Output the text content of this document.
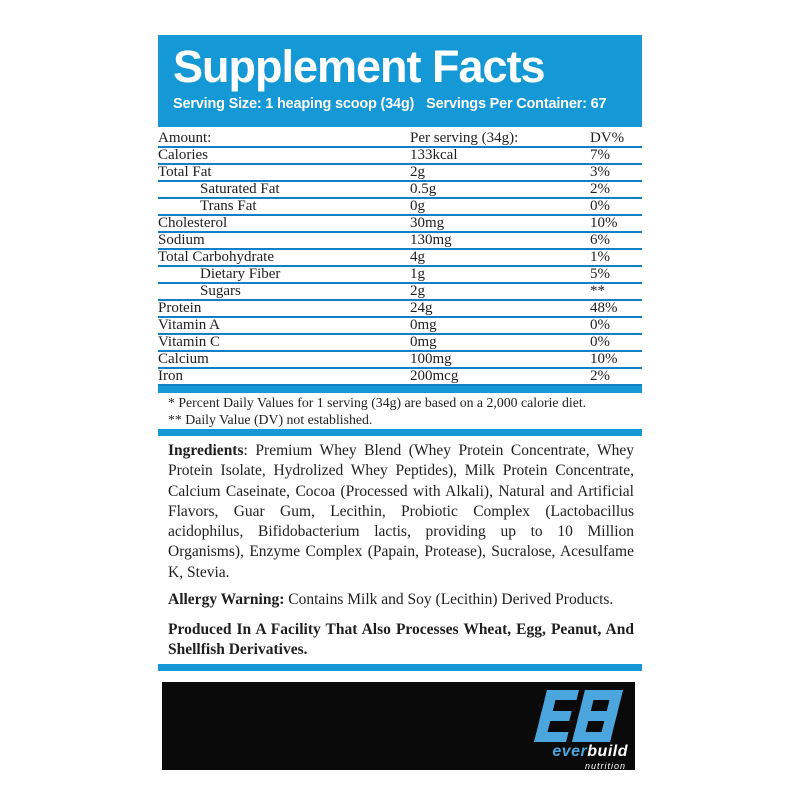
Supplement Facts
Serving Size: 1 heaping scoop (34g) Servings Per Container: 67
Amount:	Per serving (34g):	DV%
Calories	133kcal	7%
Total Fat	2g	3%
Saturated Fat	0.5g	2%
Trans Fat	0g	0%
Cholesterol	30mg	10%
Sodium	130mg	6%
Total Carbohydrate	4g	1%
Dietary Fiber	1g	5%
Sugars	2g	**
Protein	24g	48%
Vitamin A	0mg	0%
Vitamin C	0mg	0%
Calcium	100mg	10%
Iron	200mcg	2%
* Percent Daily Values for 1 serving (34g) are based on a 2,000 calorie diet.
** Daily Value (DV) not established.

Ingredients: Premium Whey Blend (Whey Protein Concentrate, Whey Protein Isolate, Hydrolized Whey Peptides), Milk Protein Concentrate, Calcium Caseinate, Cocoa (Processed with Alkali), Natural and Artificial Flavors, Guar Gum, Lecithin, Probiotic Complex (Lactobacillus acidophilus, Bifidobacterium lactis, providing up to 10 Million Organisms), Enzyme Complex (Papain, Protease), Sucralose, Acesulfame K, Stevia.

Allergy Warning: Contains Milk and Soy (Lecithin) Derived Products.

Produced In A Facility That Also Processes Wheat, Egg, Peanut, And Shellfish Derivatives.

everbuild
nutrition
